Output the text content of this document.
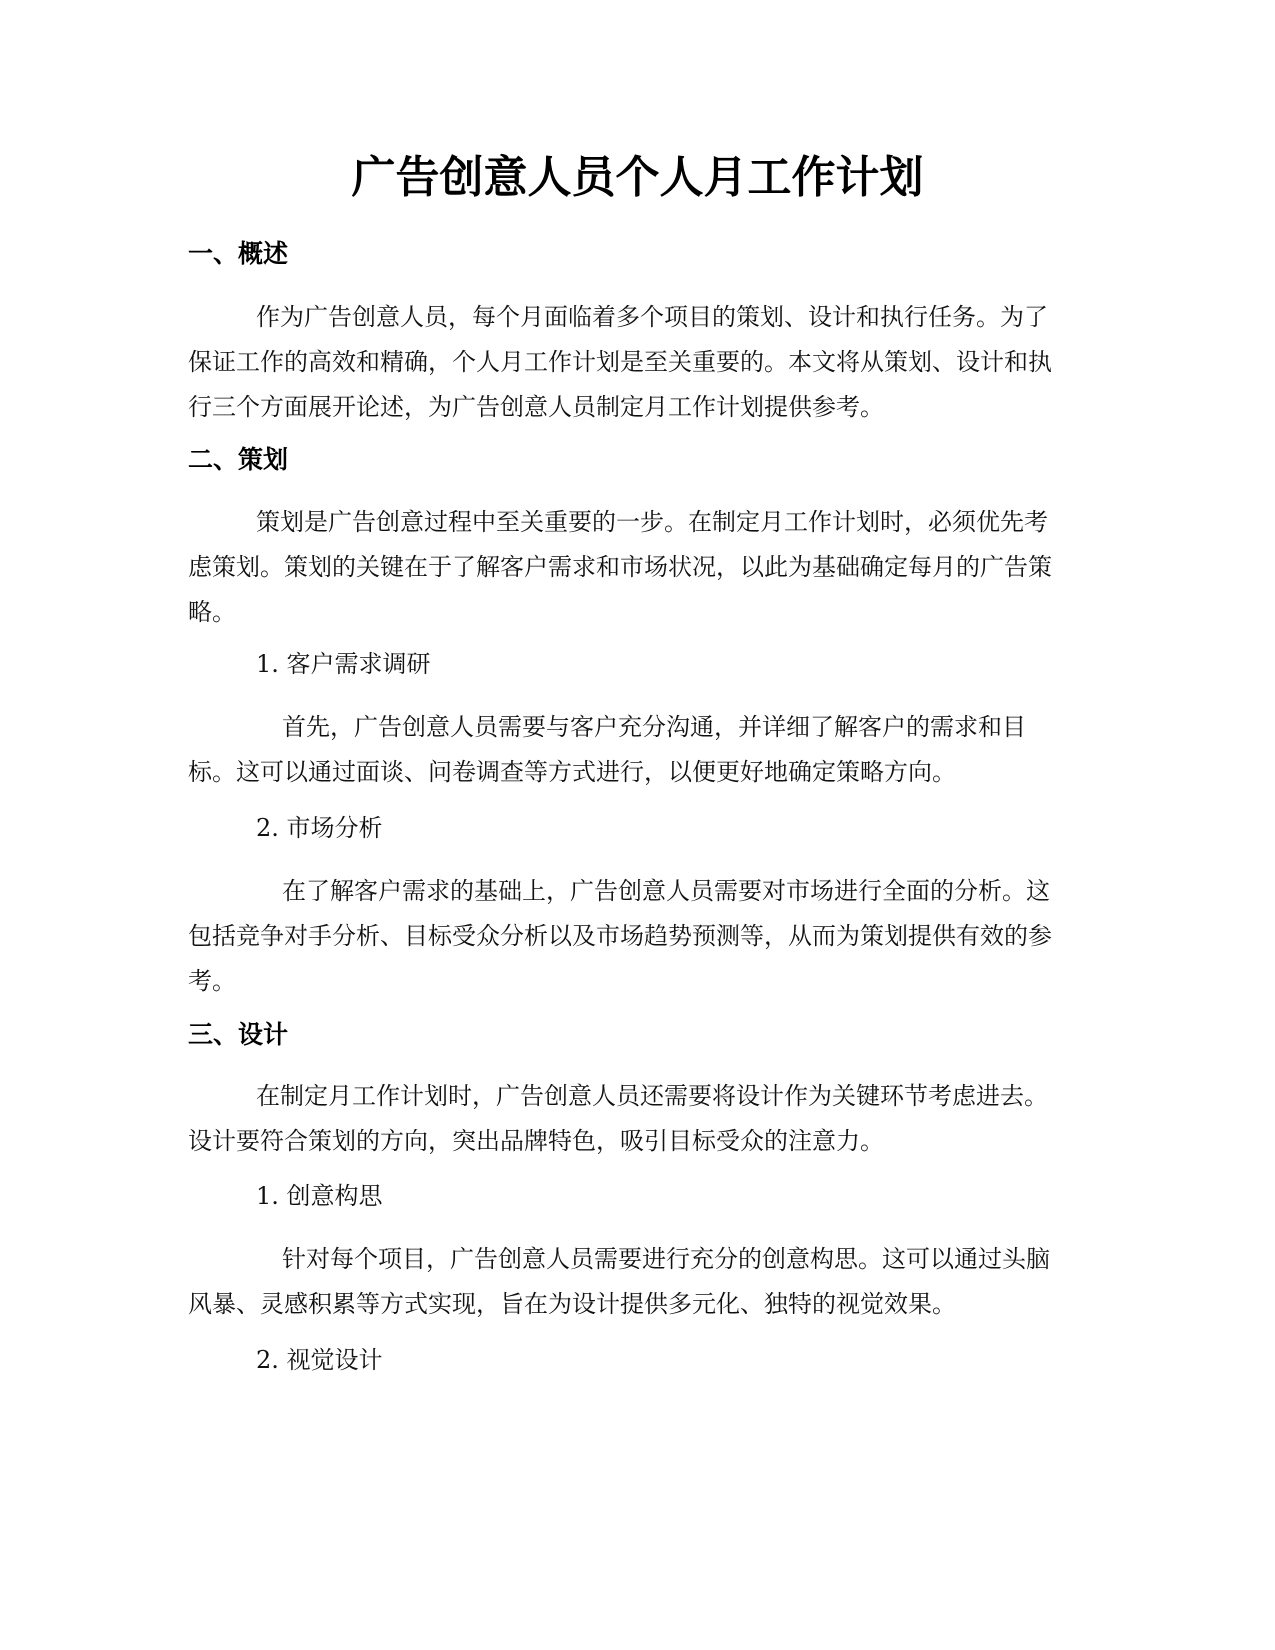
广告创意人员个人月工作计划
一、概述

作为广告创意人员，每个月面临着多个项目的策划、设计和执行任务。为了
保证工作的高效和精确，个人月工作计划是至关重要的。本文将从策划、设计和执
行三个方面展开论述，为广告创意人员制定月工作计划提供参考。

二、策划

策划是广告创意过程中至关重要的一步。在制定月工作计划时，必须优先考
虑策划。策划的关键在于了解客户需求和市场状况，以此为基础确定每月的广告策
略。

1. 客户需求调研

首先，广告创意人员需要与客户充分沟通，并详细了解客户的需求和目
标。这可以通过面谈、问卷调查等方式进行，以便更好地确定策略方向。

2. 市场分析

在了解客户需求的基础上，广告创意人员需要对市场进行全面的分析。这
包括竞争对手分析、目标受众分析以及市场趋势预测等，从而为策划提供有效的参
考。

三、设计

在制定月工作计划时，广告创意人员还需要将设计作为关键环节考虑进去。
设计要符合策划的方向，突出品牌特色，吸引目标受众的注意力。

1. 创意构思

针对每个项目，广告创意人员需要进行充分的创意构思。这可以通过头脑
风暴、灵感积累等方式实现，旨在为设计提供多元化、独特的视觉效果。

2. 视觉设计
